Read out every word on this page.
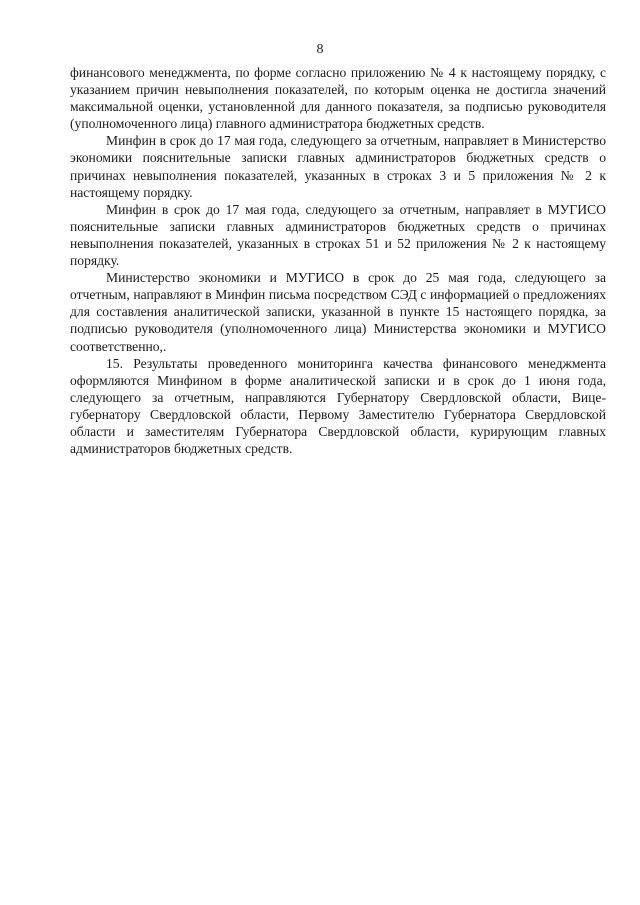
8

финансового менеджмента, по форме согласно приложению № 4 к настоящему порядку, с указанием причин невыполнения показателей, по которым оценка не достигла значений максимальной оценки, установленной для данного показателя, за подписью руководителя (уполномоченного лица) главного администратора бюджетных средств.

Минфин в срок до 17 мая года, следующего за отчетным, направляет в Министерство экономики пояснительные записки главных администраторов бюджетных средств о причинах невыполнения показателей, указанных в строках 3 и 5 приложения № 2 к настоящему порядку.

Минфин в срок до 17 мая года, следующего за отчетным, направляет в МУГИСО пояснительные записки главных администраторов бюджетных средств о причинах невыполнения показателей, указанных в строках 51 и 52 приложения № 2 к настоящему порядку.

Министерство экономики и МУГИСО в срок до 25 мая года, следующего за отчетным, направляют в Минфин письма посредством СЭД с информацией о предложениях для составления аналитической записки, указанной в пункте 15 настоящего порядка, за подписью руководителя (уполномоченного лица) Министерства экономики и МУГИСО соответственно,.

15. Результаты проведенного мониторинга качества финансового менеджмента оформляются Минфином в форме аналитической записки и в срок до 1 июня года, следующего за отчетным, направляются Губернатору Свердловской области, Вице-губернатору Свердловской области, Первому Заместителю Губернатора Свердловской области и заместителям Губернатора Свердловской области, курирующим главных администраторов бюджетных средств.
